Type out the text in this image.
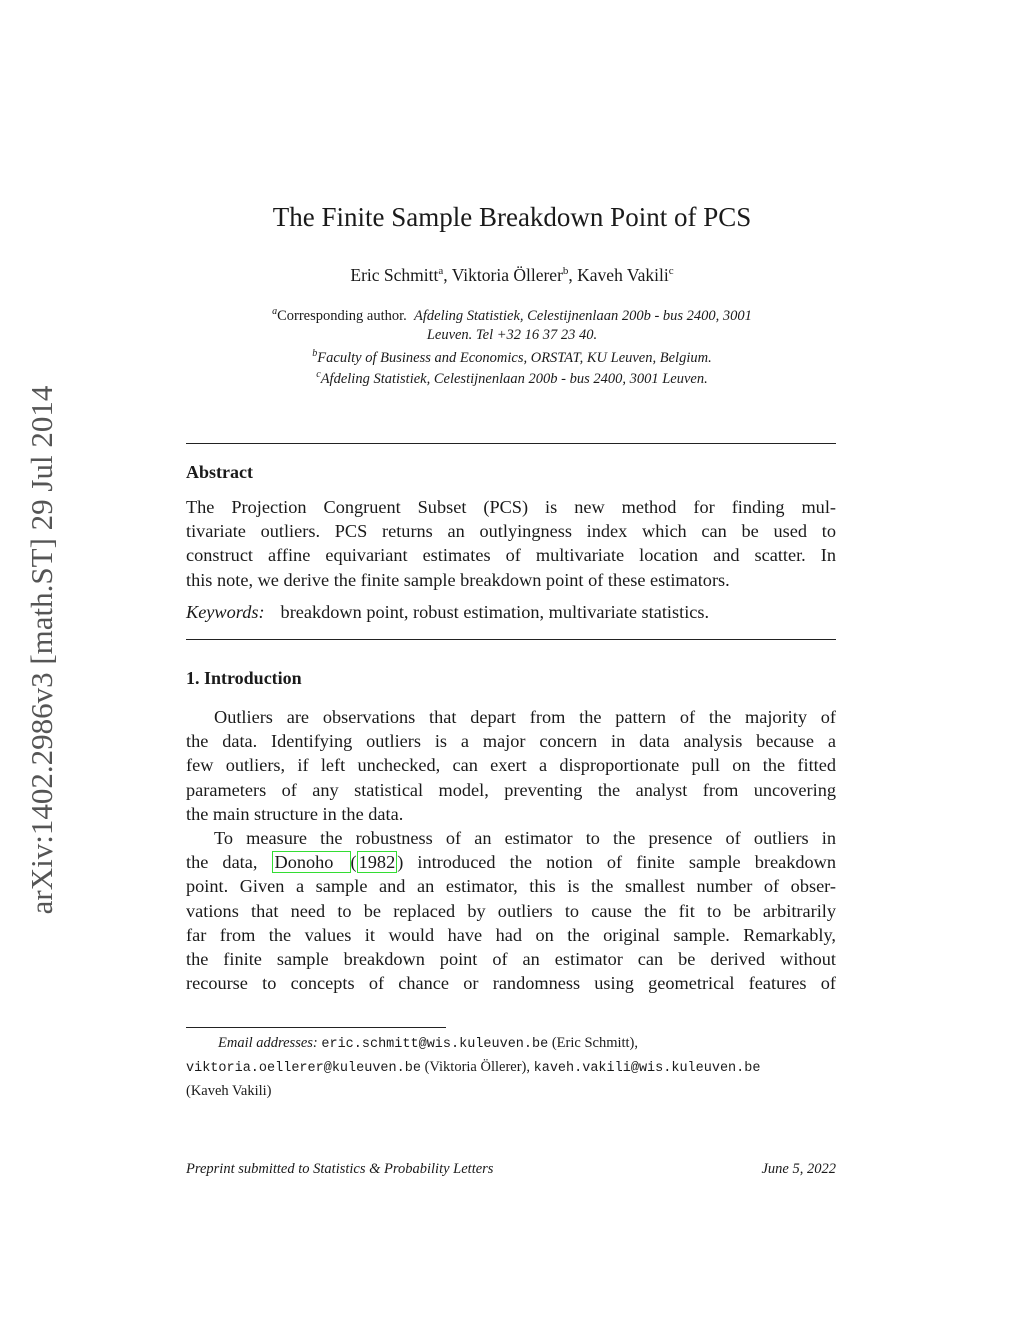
arXiv:1402.2986v3 [math.ST] 29 Jul 2014
The Finite Sample Breakdown Point of PCS
Eric Schmitt$^a$, Viktoria Öllerer$^b$, Kaveh Vakili$^c$
$^a$Corresponding author. Afdeling Statistiek, Celestijnenlaan 200b - bus 2400, 3001
Leuven. Tel +32 16 37 23 40.
$^b$Faculty of Business and Economics, ORSTAT, KU Leuven, Belgium.
$^c$Afdeling Statistiek, Celestijnenlaan 200b - bus 2400, 3001 Leuven.
Abstract
The Projection Congruent Subset (PCS) is new method for finding mul-
tivariate outliers. PCS returns an outlyingness index which can be used to
construct affine equivariant estimates of multivariate location and scatter. In
this note, we derive the finite sample breakdown point of these estimators.
Keywords: breakdown point, robust estimation, multivariate statistics.
1. Introduction
Outliers are observations that depart from the pattern of the majority of
the data. Identifying outliers is a major concern in data analysis because a
few outliers, if left unchecked, can exert a disproportionate pull on the fitted
parameters of any statistical model, preventing the analyst from uncovering
the main structure in the data.
To measure the robustness of an estimator to the presence of outliers in
the data, Donoho ( 1982 ) introduced the notion of finite sample breakdown
point. Given a sample and an estimator, this is the smallest number of obser-
vations that need to be replaced by outliers to cause the fit to be arbitrarily
far from the values it would have had on the original sample. Remarkably,
the finite sample breakdown point of an estimator can be derived without
recourse to concepts of chance or randomness using geometrical features of
Email addresses: eric.schmitt@wis.kuleuven.be (Eric Schmitt),
viktoria.oellerer@kuleuven.be (Viktoria Öllerer), kaveh.vakili@wis.kuleuven.be
(Kaveh Vakili)
Preprint submitted to Statistics & Probability Letters	June 5, 2022
